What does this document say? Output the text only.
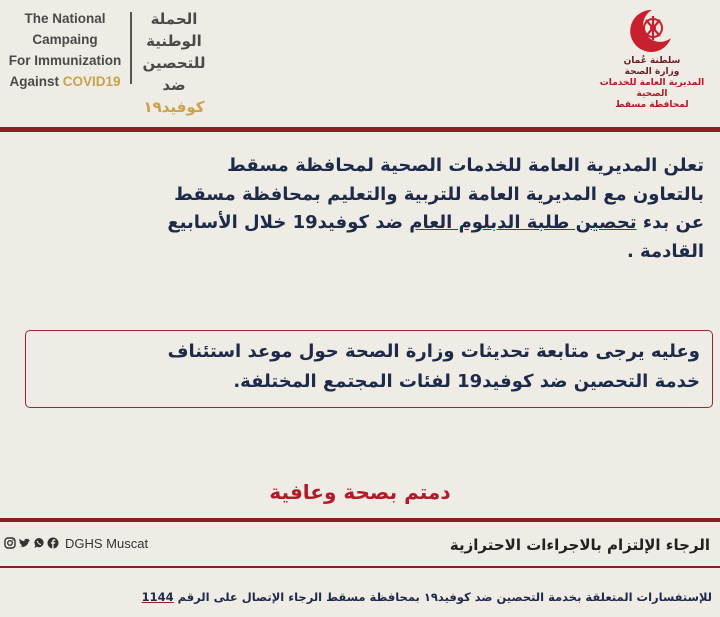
The National Campaing
For Immunization
Against COVID19
الحملة الوطنية
للتحصين ضد
كوفيد١٩
سلطنة عُمان
وزارة الصحة
المديرية العامة للخدمات الصحية
لمحافظة مسقط

تعلن المديرية العامة للخدمات الصحية لمحافظة مسقط

بالتعاون مع المديرية العامة للتربية والتعليم بمحافظة مسقط

عن بدء تحصين طلبة الدبلوم العام ضد كوفيد19 خلال الأسابيع

القادمة .

وعليه يرجى متابعة تحديثات وزارة الصحة حول موعد استئناف

خدمة التحصين ضد كوفيد19 لفئات المجتمع المختلفة.

دمتم بصحة وعافية
DGHS Muscat	الرجاء الإلتزام بالاجراءات الاحترازية
للإستفسارات المتعلقة بخدمة التحصين ضد كوفيد١٩ بمحافظة مسقط الرجاء الإتصال على الرقم 1144
